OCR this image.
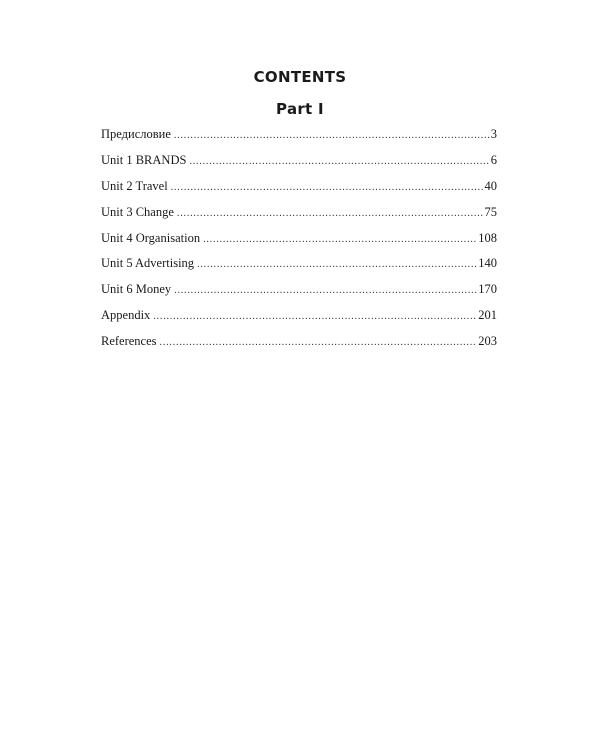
CONTENTS
Part I
Предисловие .....	3
Unit 1 BRANDS .....	6
Unit 2 Travel .....	40
Unit 3 Change .....	75
Unit 4 Organisation .....	108
Unit 5 Advertising .....	140
Unit 6 Money .....	170
Appendix .....	201
References .....	203
